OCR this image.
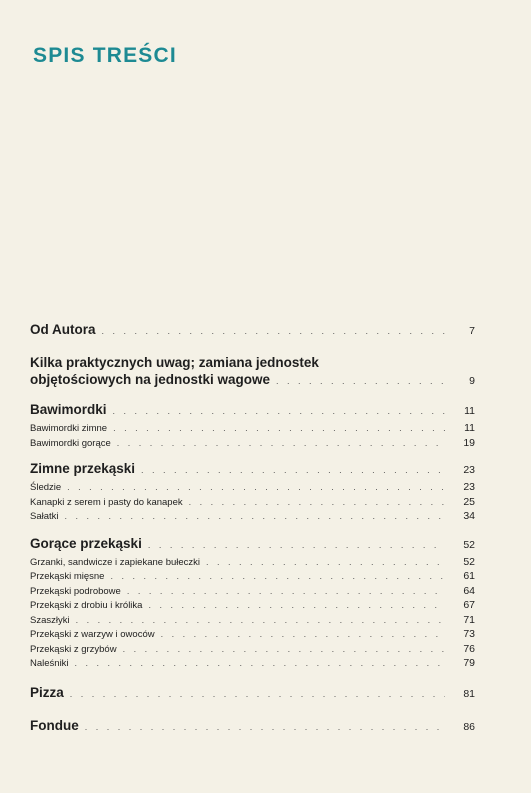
SPIS TREŚCI
Od Autora . . .	7
Kilka praktycznych uwag; zamiana jednostek
objętościowych na jednostki wagowe . . .	9
Bawimordki . . .	11
Bawimordki zimne . . .	11
Bawimordki gorące . . .	19
Zimne przekąski . . .	23
Śledzie . . .	23
Kanapki z serem i pasty do kanapek . . .	25
Sałatki . . .	34
Gorące przekąski . . .	52
Grzanki, sandwicze i zapiekane bułeczki . . .	52
Przekąski mięsne . . .	61
Przekąski podrobowe . . .	64
Przekąski z drobiu i królika . . .	67
Szaszłyki . . .	71
Przekąski z warzyw i owoców . . .	73
Przekąski z grzybów . . .	76
Naleśniki . . .	79
Pizza . . .	81
Fondue . . .	86
